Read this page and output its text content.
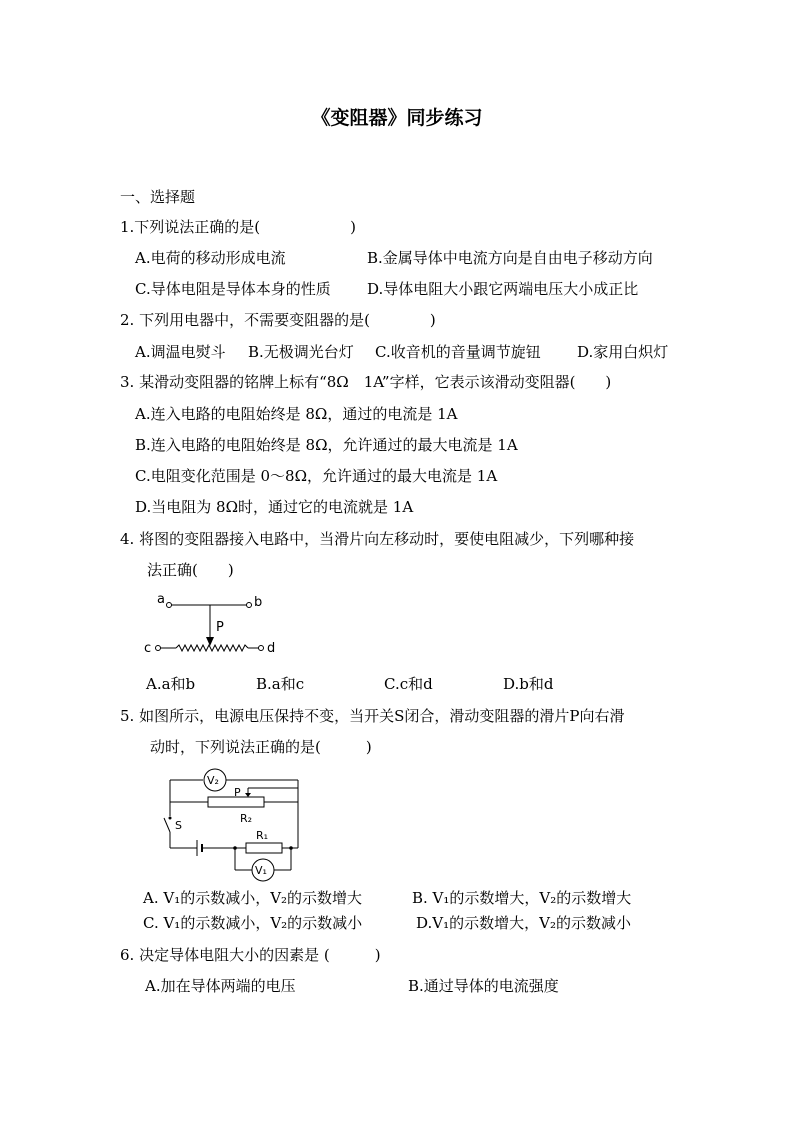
《变阻器》同步练习
一、选择题
1.下列说法正确的是(　　　　　　)
A.电荷的移动形成电流	B.金属导体中电流方向是自由电子移动方向
C.导体电阻是导体本身的性质 D.导体电阻大小跟它两端电压大小成正比
2. 下列用电器中，不需要变阻器的是(　　　　)
A.调温电熨斗 B.无极调光台灯 C.收音机的音量调节旋钮 D.家用白炽灯
3. 某滑动变阻器的铭牌上标有“8Ω　1A”字样，它表示该滑动变阻器(　　)
A.连入电路的电阻始终是 8Ω，通过的电流是 1A
B.连入电路的电阻始终是 8Ω，允许通过的最大电流是 1A
C.电阻变化范围是 0～8Ω，允许通过的最大电流是 1A
D.当电阻为 8Ω时，通过它的电流就是 1A
4. 将图的变阻器接入电路中，当滑片向左移动时，要使电阻减少，下列哪种接
法正确(　　)
a	b
P
c	d
A.a和b	B.a和c	C.c和d	D.b和d
5. 如图所示，电源电压保持不变，当开关S闭合，滑动变阻器的滑片P向右滑
动时，下列说法正确的是(　　　)
V₂
R₂
P
S
R₁
V₁
A. V₁的示数减小，V₂的示数增大	B. V₁的示数增大，V₂的示数增大
C. V₁的示数减小，V₂的示数减小	D.V₁的示数增大，V₂的示数减小
6. 决定导体电阻大小的因素是 (　　　)
A.加在导体两端的电压	B.通过导体的电流强度
